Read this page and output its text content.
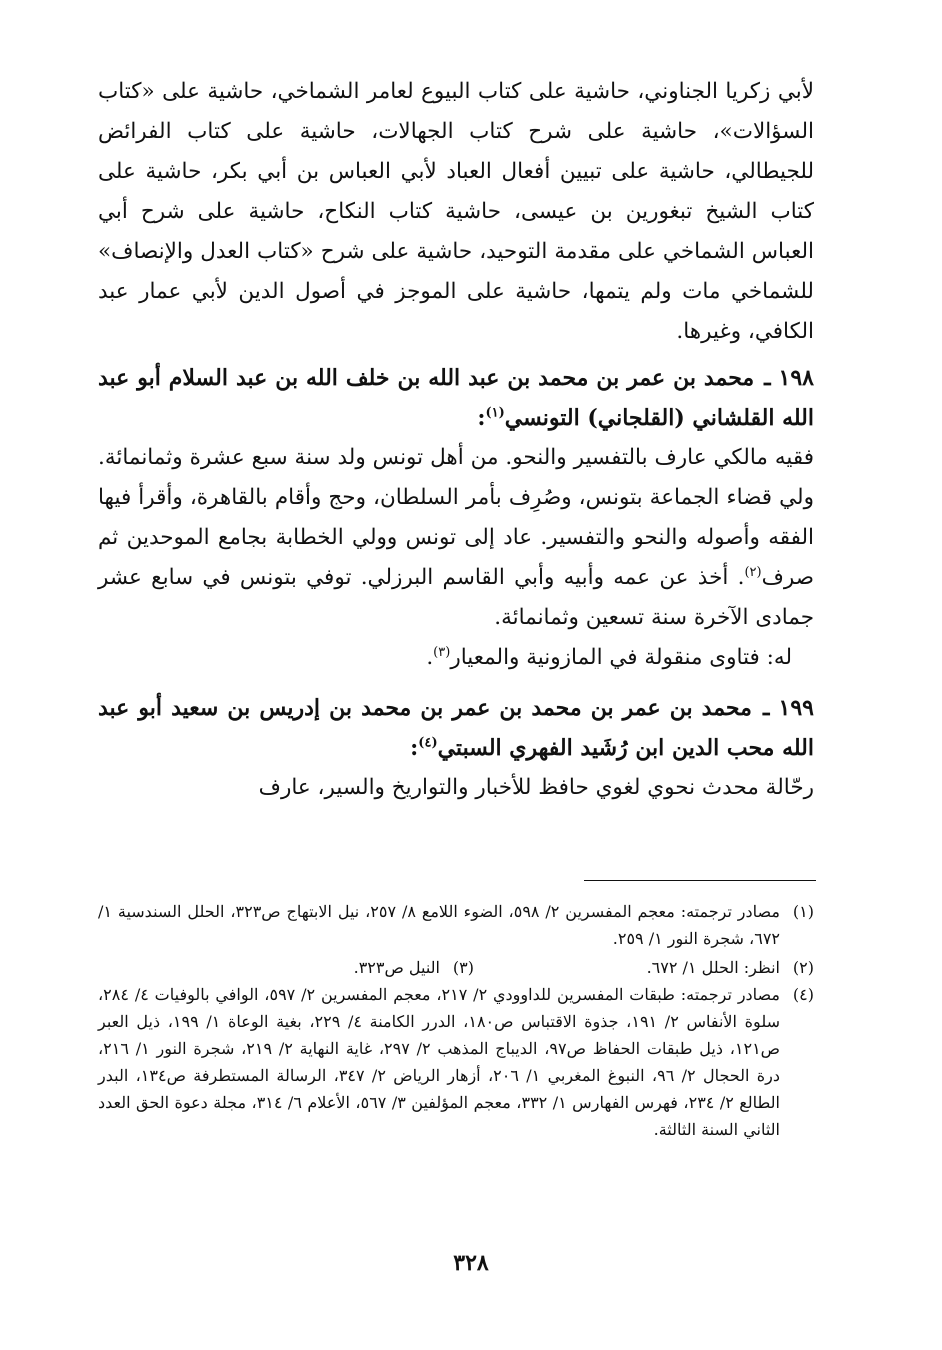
لأبي زكريا الجناوني، حاشية على كتاب البيوع لعامر الشماخي، حاشية على «كتاب السؤالات»، حاشية على شرح كتاب الجهالات، حاشية على كتاب الفرائض للجيطالي، حاشية على تبيين أفعال العباد لأبي العباس بن أبي بكر، حاشية على كتاب الشيخ تبغورين بن عيسى، حاشية كتاب النكاح، حاشية على شرح أبي العباس الشماخي على مقدمة التوحيد، حاشية على شرح «كتاب العدل والإنصاف» للشماخي مات ولم يتمها، حاشية على الموجز في أصول الدين لأبي عمار عبد الكافي، وغيرها.

١٩٨ ـ محمد بن عمر بن محمد بن عبد الله بن خلف الله بن عبد السلام أبو عبد الله القلشاني (القلجاني) التونسي$^{(١)}$:

فقيه مالكي عارف بالتفسير والنحو. من أهل تونس ولد سنة سبع عشرة وثمانمائة. ولي قضاء الجماعة بتونس، وصُرِف بأمر السلطان، وحج وأقام بالقاهرة، وأقرأ فيها الفقه وأصوله والنحو والتفسير. عاد إلى تونس وولي الخطابة بجامع الموحدين ثم صرف$^{(٢)}$. أخذ عن عمه وأبيه وأبي القاسم البرزلي. توفي بتونس في سابع عشر جمادى الآخرة سنة تسعين وثمانمائة.

له: فتاوى منقولة في المازونية والمعيار$^{(٣)}$.

١٩٩ ـ محمد بن عمر بن محمد بن عمر بن محمد بن إدريس بن سعيد أبو عبد الله محب الدين ابن رُشَيد الفهري السبتي$^{(٤)}$:

رحّالة محدث نحوي لغوي حافظ للأخبار والتواريخ والسير، عارف

(١)
مصادر ترجمته: معجم المفسرين ٢/ ٥٩٨، الضوء اللامع ٨/ ٢٥٧، نيل الابتهاج ص٣٢٣، الحلل السندسية ١/ ٦٧٢، شجرة النور ١/ ٢٥٩.
(٢)
انظر: الحلل ١/ ٦٧٢.
(٣)
النيل ص٣٢٣.
(٤)
مصادر ترجمته: طبقات المفسرين للداوودي ٢/ ٢١٧، معجم المفسرين ٢/ ٥٩٧، الوافي بالوفيات ٤/ ٢٨٤، سلوة الأنفاس ٢/ ١٩١، جذوة الاقتباس ص١٨٠، الدرر الكامنة ٤/ ٢٢٩، بغية الوعاة ١/ ١٩٩، ذيل العبر ص١٢١، ذيل طبقات الحفاظ ص٩٧، الديباج المذهب ٢/ ٢٩٧، غاية النهاية ٢/ ٢١٩، شجرة النور ١/ ٢١٦، درة الحجال ٢/ ٩٦، النبوغ المغربي ١/ ٢٠٦، أزهار الرياض ٢/ ٣٤٧، الرسالة المستطرفة ص١٣٤، البدر الطالع ٢/ ٢٣٤، فهرس الفهارس ١/ ٣٣٢، معجم المؤلفين ٣/ ٥٦٧، الأعلام ٦/ ٣١٤، مجلة دعوة الحق العدد الثاني السنة الثالثة.
٣٢٨
